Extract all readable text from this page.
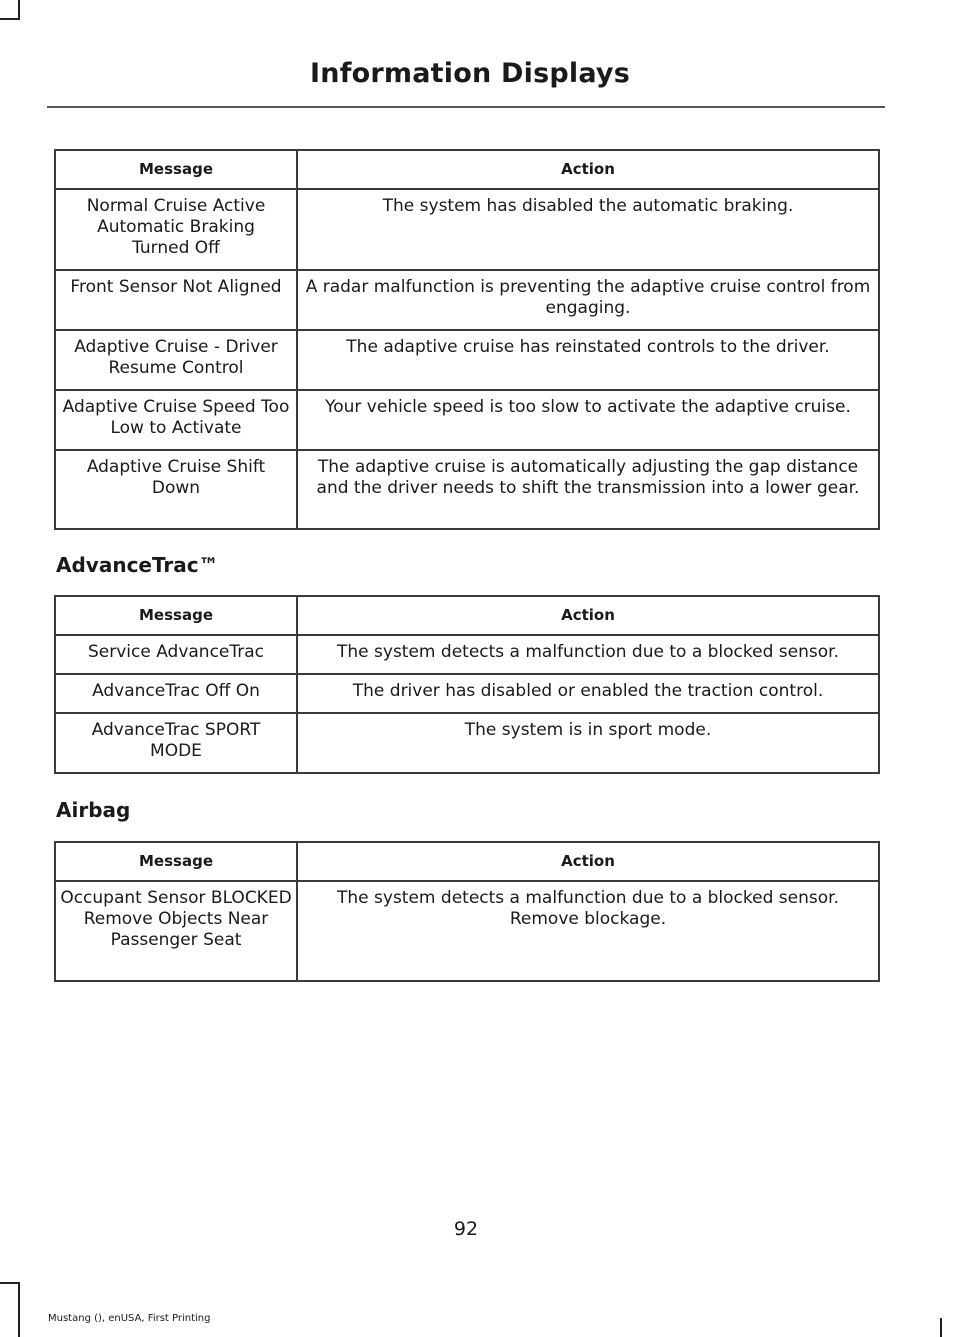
Information Displays
Message	Action
Normal Cruise Active Automatic Braking Turned Off	The system has disabled the automatic braking.
Front Sensor Not Aligned	A radar malfunction is preventing the adaptive cruise control from engaging.
Adaptive Cruise - Driver Resume Control	The adaptive cruise has reinstated controls to the driver.
Adaptive Cruise Speed Too Low to Activate	Your vehicle speed is too slow to activate the adaptive cruise.
Adaptive Cruise Shift Down	The adaptive cruise is automatically adjusting the gap distance and the driver needs to shift the transmission into a lower gear.
AdvanceTrac™
Message	Action
Service AdvanceTrac	The system detects a malfunction due to a blocked sensor.
AdvanceTrac Off On	The driver has disabled or enabled the traction control.
AdvanceTrac SPORT MODE	The system is in sport mode.
Airbag
Message	Action
Occupant Sensor BLOCKED Remove Objects Near Passenger Seat	The system detects a malfunction due to a blocked sensor. Remove blockage.
92
Mustang (), enUSA, First Printing
